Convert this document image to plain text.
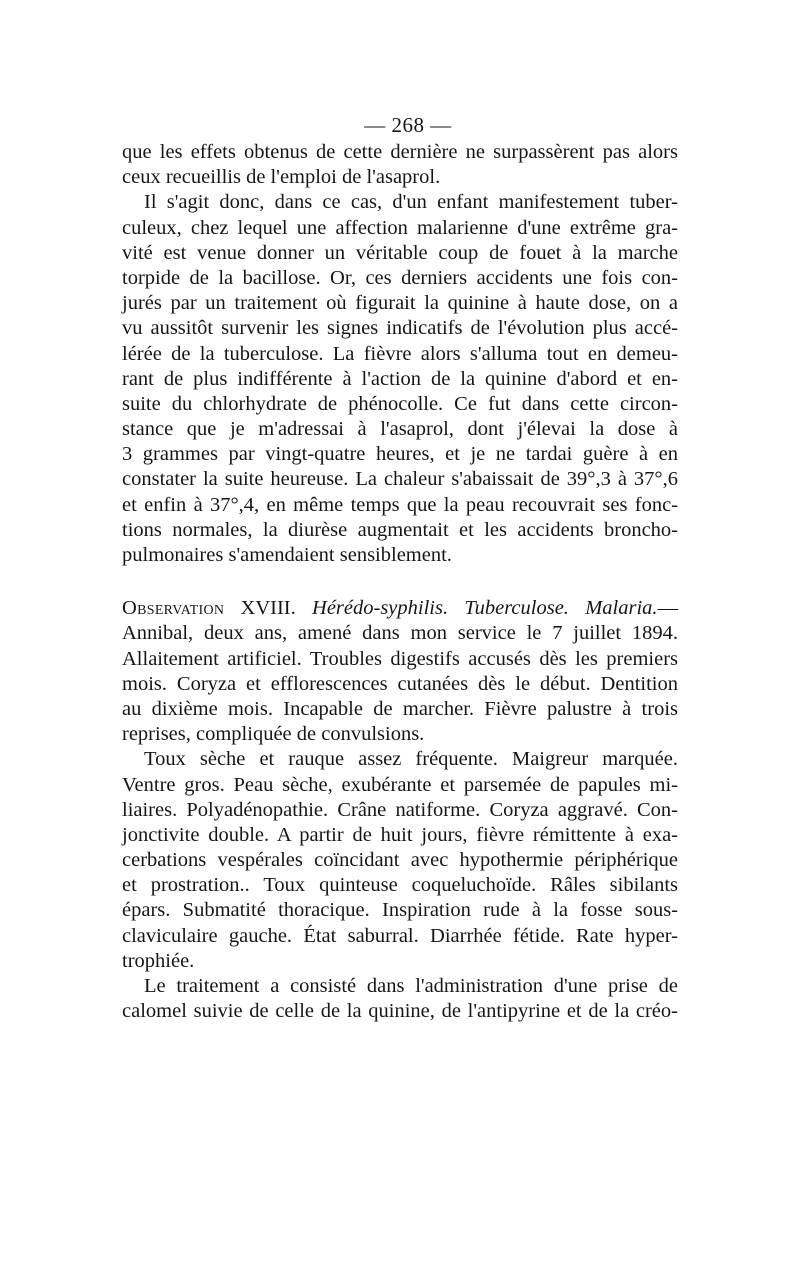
— 268 —
que les effets obtenus de cette dernière ne surpassèrent pas alors
ceux recueillis de l'emploi de l'asaprol.
Il s'agit donc, dans ce cas, d'un enfant manifestement tuber-
culeux, chez lequel une affection malarienne d'une extrême gra-
vité est venue donner un véritable coup de fouet à la marche
torpide de la bacillose. Or, ces derniers accidents une fois con-
jurés par un traitement où figurait la quinine à haute dose, on a
vu aussitôt survenir les signes indicatifs de l'évolution plus accé-
lérée de la tuberculose. La fièvre alors s'alluma tout en demeu-
rant de plus indifférente à l'action de la quinine d'abord et en-
suite du chlorhydrate de phénocolle. Ce fut dans cette circon-
stance que je m'adressai à l'asaprol, dont j'élevai la dose à
3 grammes par vingt-quatre heures, et je ne tardai guère à en
constater la suite heureuse. La chaleur s'abaissait de 39°,3 à 37°,6
et enfin à 37°,4, en même temps que la peau recouvrait ses fonc-
tions normales, la diurèse augmentait et les accidents broncho-
pulmonaires s'amendaient sensiblement.
Observation XVIII. Hérédo-syphilis. Tuberculose. Malaria.—
Annibal, deux ans, amené dans mon service le 7 juillet 1894.
Allaitement artificiel. Troubles digestifs accusés dès les premiers
mois. Coryza et efflorescences cutanées dès le début. Dentition
au dixième mois. Incapable de marcher. Fièvre palustre à trois
reprises, compliquée de convulsions.
Toux sèche et rauque assez fréquente. Maigreur marquée.
Ventre gros. Peau sèche, exubérante et parsemée de papules mi-
liaires. Polyadénopathie. Crâne natiforme. Coryza aggravé. Con-
jonctivite double. A partir de huit jours, fièvre rémittente à exa-
cerbations vespérales coïncidant avec hypothermie périphérique
et prostration.. Toux quinteuse coqueluchoïde. Râles sibilants
épars. Submatité thoracique. Inspiration rude à la fosse sous-
claviculaire gauche. État saburral. Diarrhée fétide. Rate hyper-
trophiée.
Le traitement a consisté dans l'administration d'une prise de
calomel suivie de celle de la quinine, de l'antipyrine et de la créo-
